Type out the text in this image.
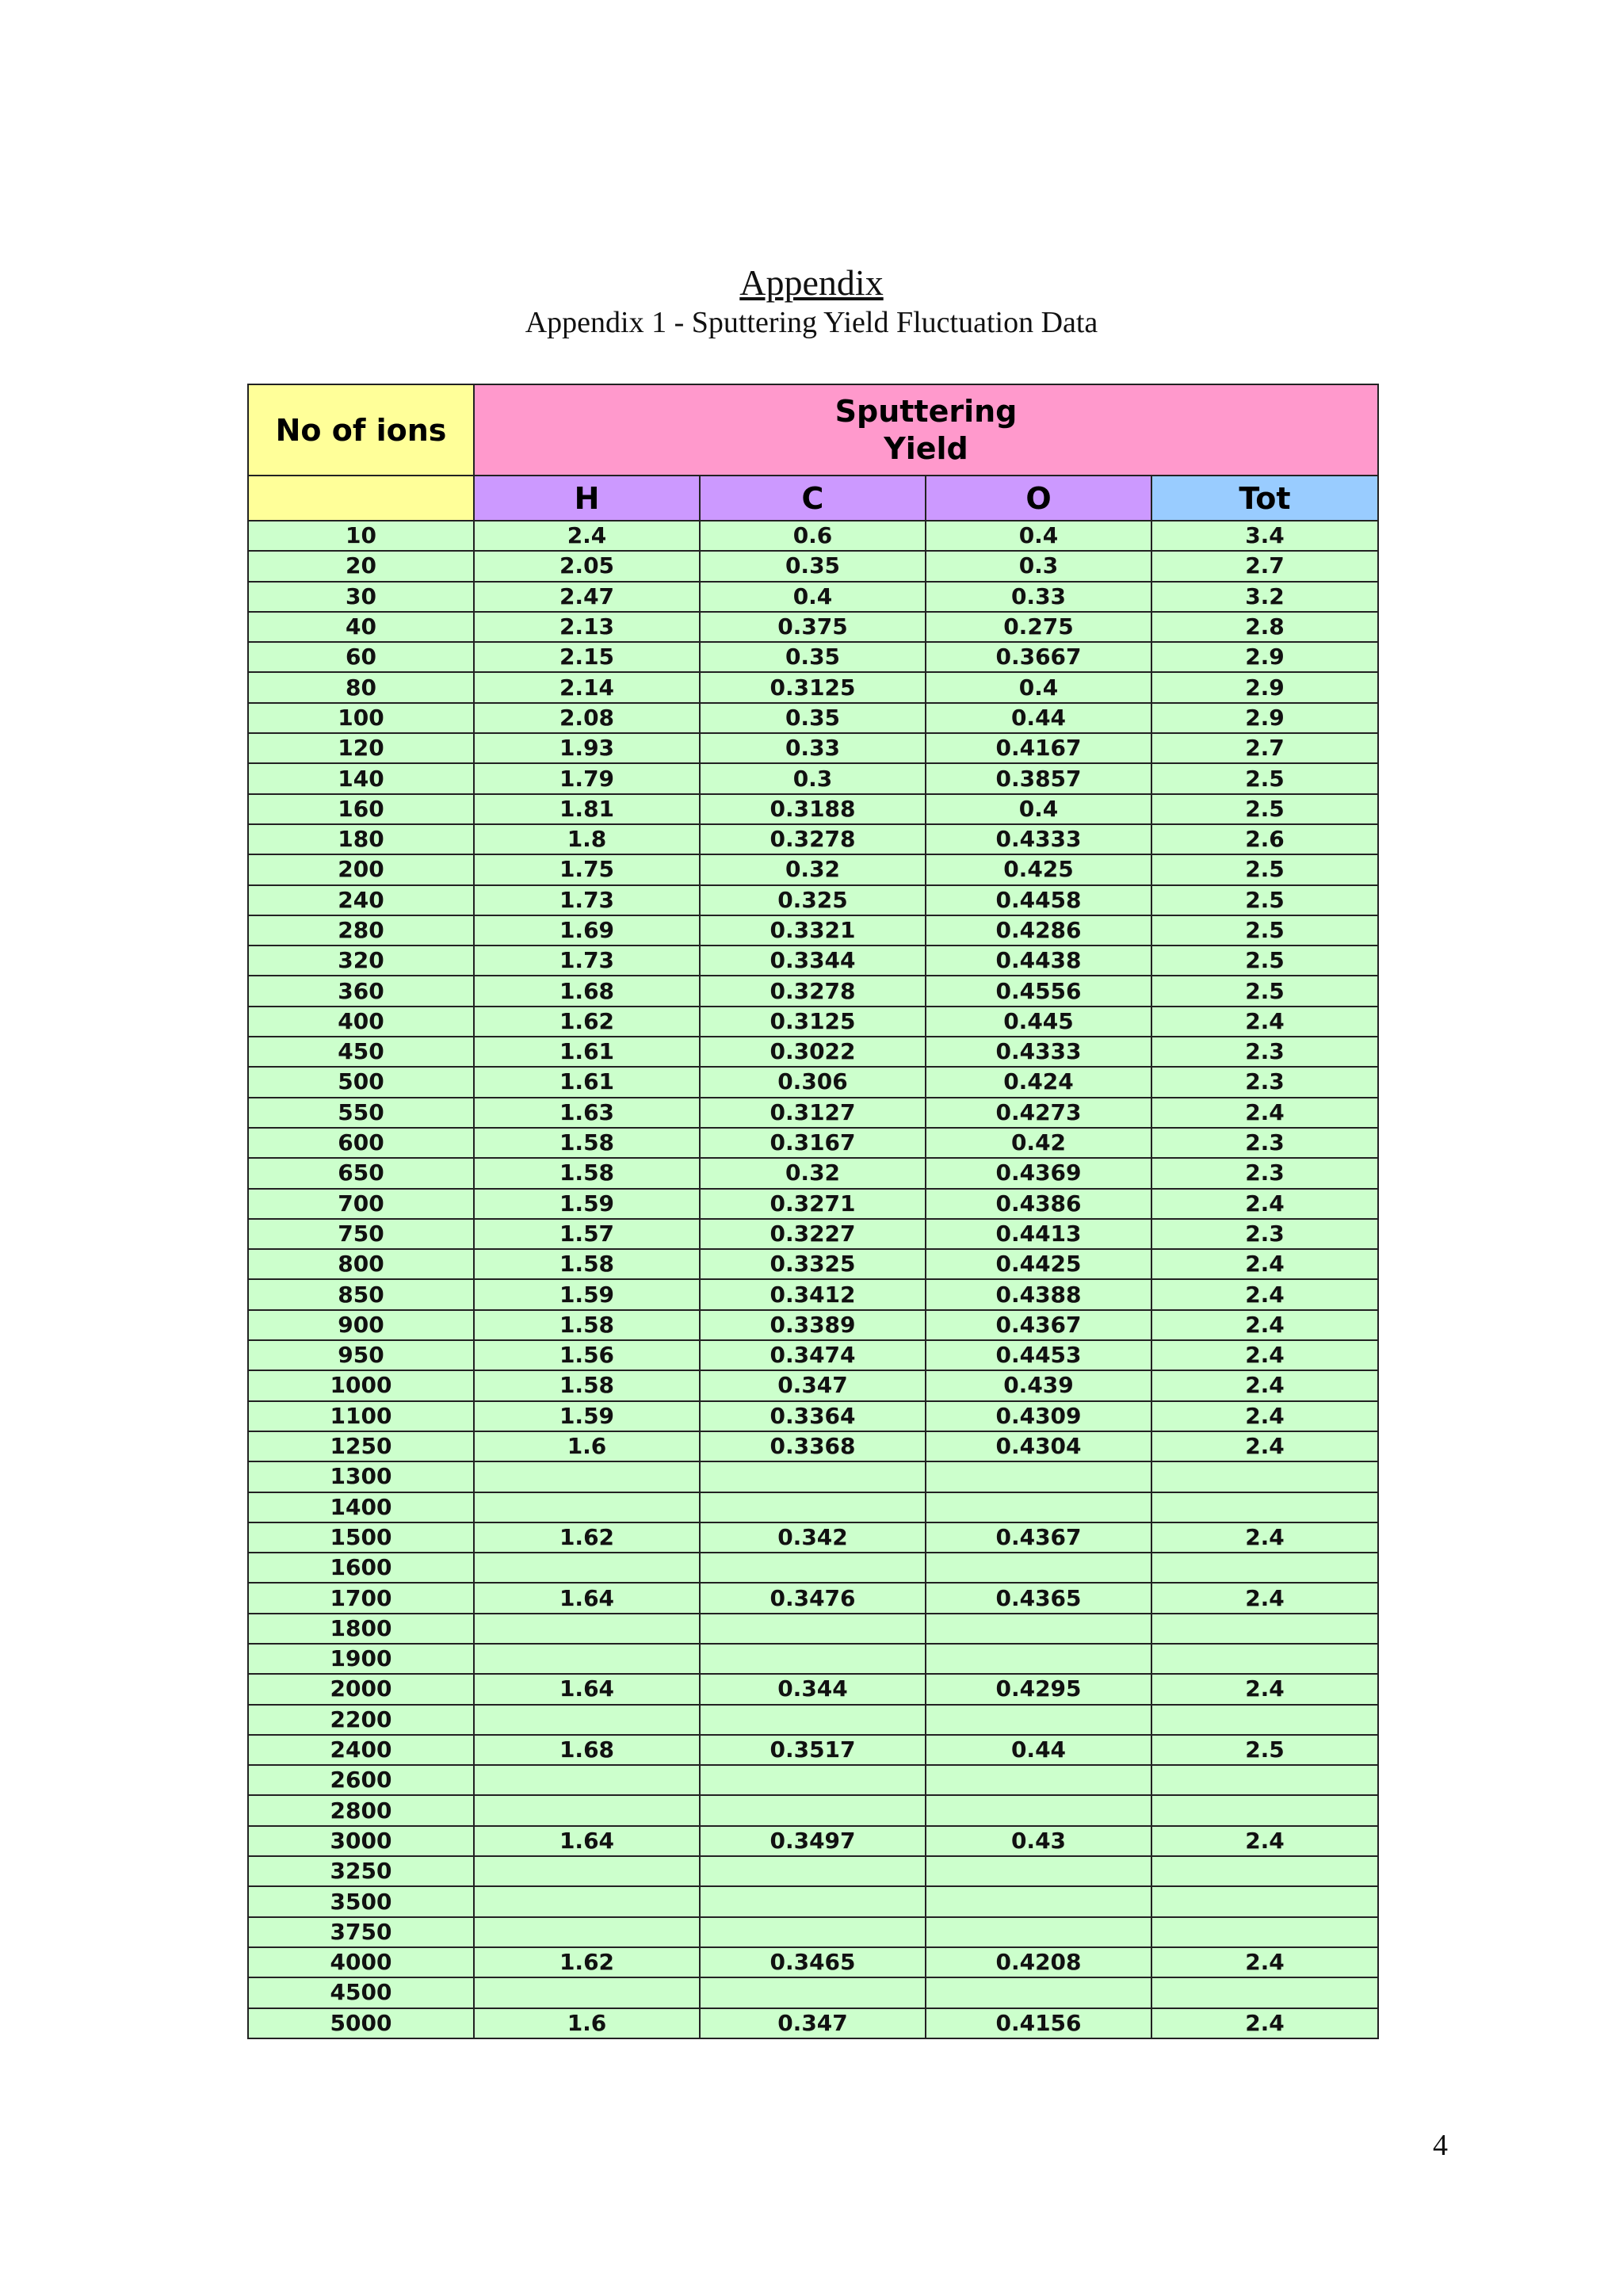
Appendix
Appendix 1 - Sputtering Yield Fluctuation Data
No of ions	Sputtering
Yield			
	H	C	O	Tot
10	2.4	0.6	0.4	3.4
20	2.05	0.35	0.3	2.7
30	2.47	0.4	0.33	3.2
40	2.13	0.375	0.275	2.8
60	2.15	0.35	0.3667	2.9
80	2.14	0.3125	0.4	2.9
100	2.08	0.35	0.44	2.9
120	1.93	0.33	0.4167	2.7
140	1.79	0.3	0.3857	2.5
160	1.81	0.3188	0.4	2.5
180	1.8	0.3278	0.4333	2.6
200	1.75	0.32	0.425	2.5
240	1.73	0.325	0.4458	2.5
280	1.69	0.3321	0.4286	2.5
320	1.73	0.3344	0.4438	2.5
360	1.68	0.3278	0.4556	2.5
400	1.62	0.3125	0.445	2.4
450	1.61	0.3022	0.4333	2.3
500	1.61	0.306	0.424	2.3
550	1.63	0.3127	0.4273	2.4
600	1.58	0.3167	0.42	2.3
650	1.58	0.32	0.4369	2.3
700	1.59	0.3271	0.4386	2.4
750	1.57	0.3227	0.4413	2.3
800	1.58	0.3325	0.4425	2.4
850	1.59	0.3412	0.4388	2.4
900	1.58	0.3389	0.4367	2.4
950	1.56	0.3474	0.4453	2.4
1000	1.58	0.347	0.439	2.4
1100	1.59	0.3364	0.4309	2.4
1250	1.6	0.3368	0.4304	2.4
1300				
1400				
1500	1.62	0.342	0.4367	2.4
1600				
1700	1.64	0.3476	0.4365	2.4
1800				
1900				
2000	1.64	0.344	0.4295	2.4
2200				
2400	1.68	0.3517	0.44	2.5
2600				
2800				
3000	1.64	0.3497	0.43	2.4
3250				
3500				
3750				
4000	1.62	0.3465	0.4208	2.4
4500				
5000	1.6	0.347	0.4156	2.4
4
